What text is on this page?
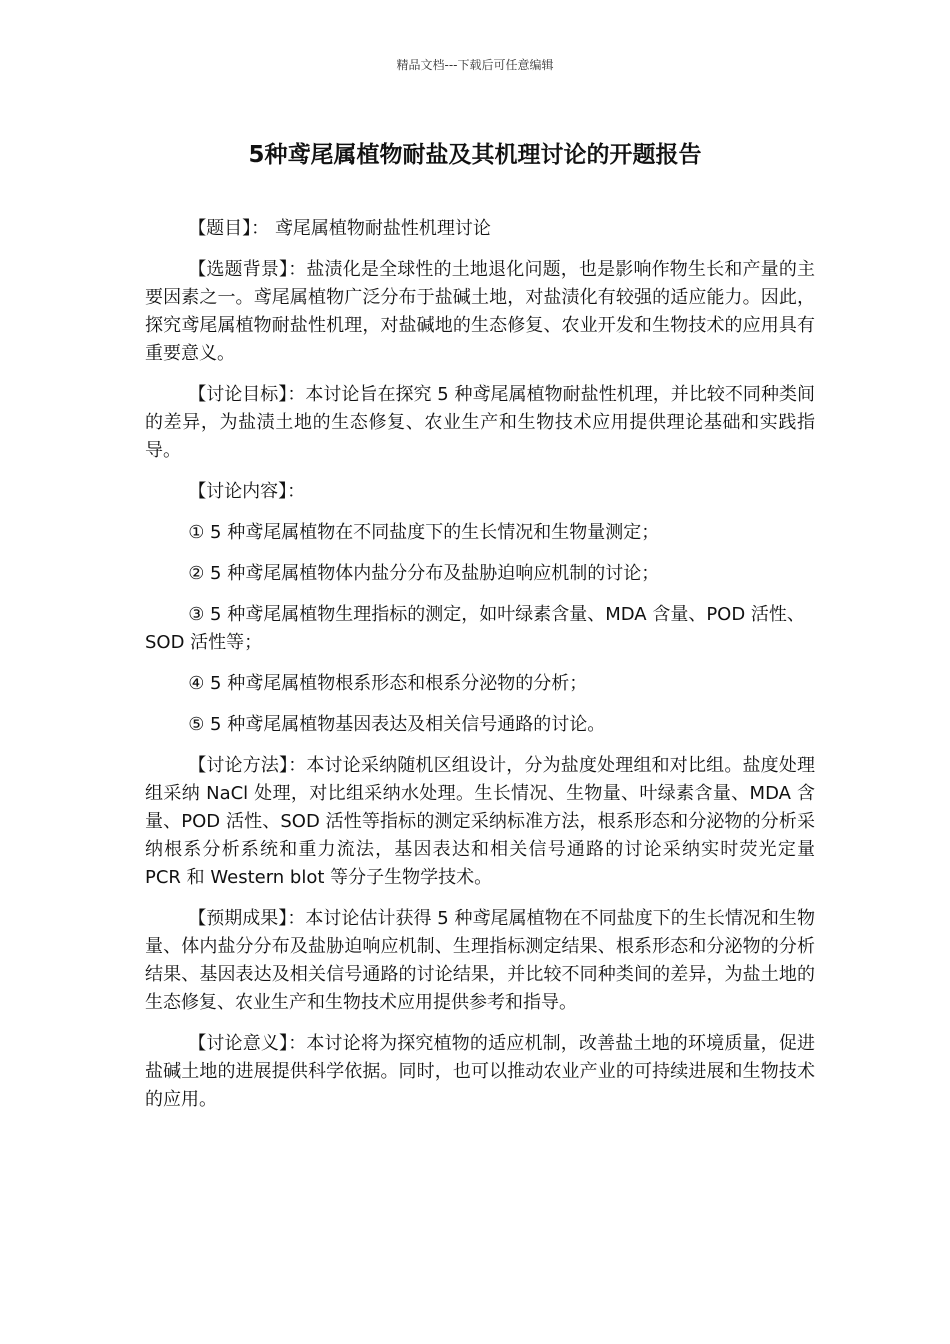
精品文档---下载后可任意编辑
5种鸢尾属植物耐盐及其机理讨论的开题报告

【题目】： 鸢尾属植物耐盐性机理讨论

【选题背景】：盐渍化是全球性的土地退化问题，也是影响作物生长和产量的主要因素之一。鸢尾属植物广泛分布于盐碱土地，对盐渍化有较强的适应能力。因此，探究鸢尾属植物耐盐性机理，对盐碱地的生态修复、农业开发和生物技术的应用具有重要意义。

【讨论目标】：本讨论旨在探究 5 种鸢尾属植物耐盐性机理，并比较不同种类间的差异，为盐渍土地的生态修复、农业生产和生物技术应用提供理论基础和实践指导。

【讨论内容】：

① 5 种鸢尾属植物在不同盐度下的生长情况和生物量测定；

② 5 种鸢尾属植物体内盐分分布及盐胁迫响应机制的讨论；

③ 5 种鸢尾属植物生理指标的测定，如叶绿素含量、MDA 含量、POD 活性、SOD 活性等；

④ 5 种鸢尾属植物根系形态和根系分泌物的分析；

⑤ 5 种鸢尾属植物基因表达及相关信号通路的讨论。

【讨论方法】：本讨论采纳随机区组设计，分为盐度处理组和对比组。盐度处理组采纳 NaCl 处理，对比组采纳水处理。生长情况、生物量、叶绿素含量、MDA 含量、POD 活性、SOD 活性等指标的测定采纳标准方法，根系形态和分泌物的分析采纳根系分析系统和重力流法，基因表达和相关信号通路的讨论采纳实时荧光定量 PCR 和 Western blot 等分子生物学技术。

【预期成果】：本讨论估计获得 5 种鸢尾属植物在不同盐度下的生长情况和生物量、体内盐分分布及盐胁迫响应机制、生理指标测定结果、根系形态和分泌物的分析结果、基因表达及相关信号通路的讨论结果，并比较不同种类间的差异，为盐土地的生态修复、农业生产和生物技术应用提供参考和指导。

【讨论意义】：本讨论将为探究植物的适应机制，改善盐土地的环境质量，促进盐碱土地的进展提供科学依据。同时，也可以推动农业产业的可持续进展和生物技术的应用。
